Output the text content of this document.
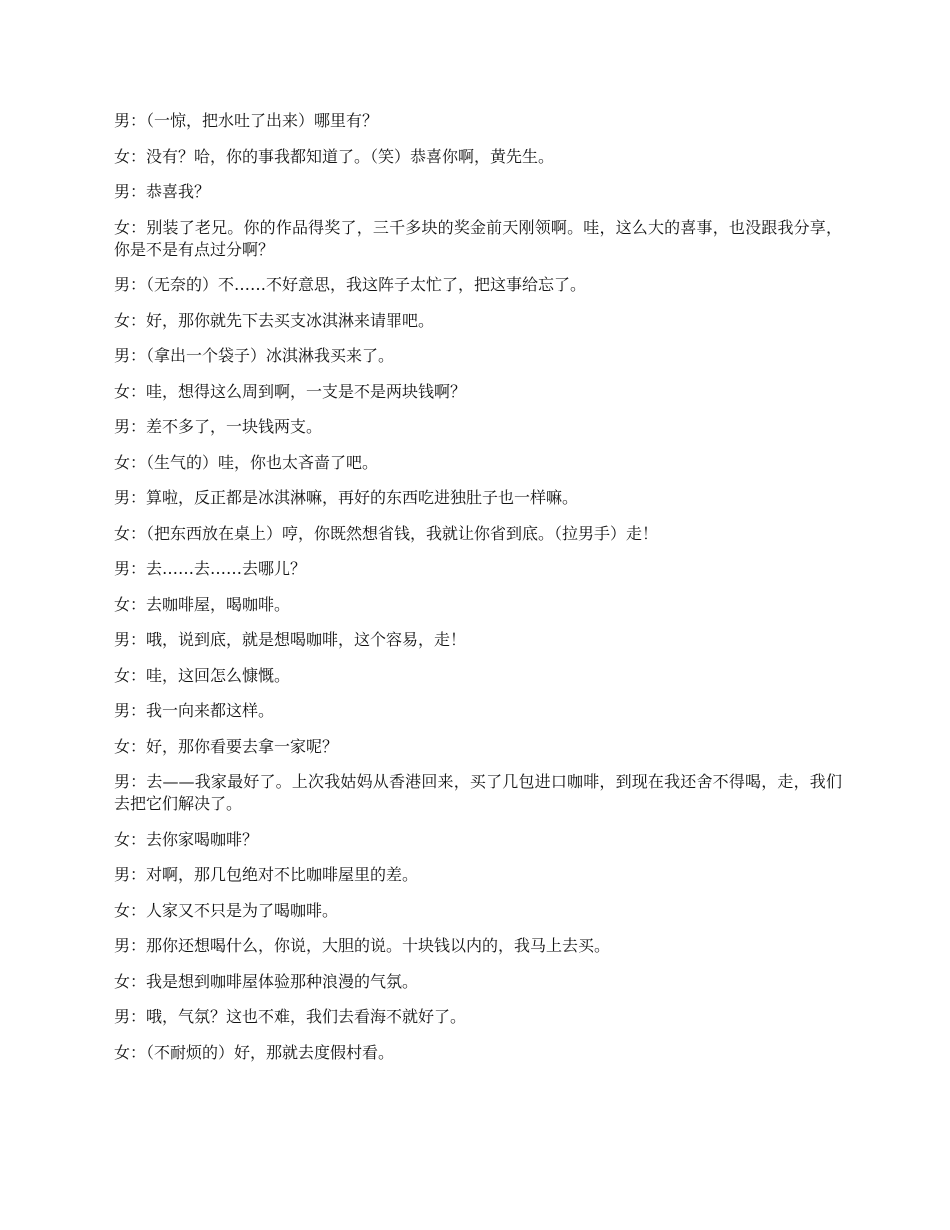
男：（一惊，把水吐了出来）哪里有？
女：没有？哈，你的事我都知道了。（笑）恭喜你啊，黄先生。
男：恭喜我？
女：别装了老兄。你的作品得奖了，三千多块的奖金前天刚领啊。哇，这么大的喜事，也没跟我分享，你是不是有点过分啊？
男：（无奈的）不……不好意思，我这阵子太忙了，把这事给忘了。
女：好，那你就先下去买支冰淇淋来请罪吧。
男：（拿出一个袋子）冰淇淋我买来了。
女：哇，想得这么周到啊，一支是不是两块钱啊？
男：差不多了，一块钱两支。
女：（生气的）哇，你也太吝啬了吧。
男：算啦，反正都是冰淇淋嘛，再好的东西吃进独肚子也一样嘛。
女：（把东西放在桌上）哼，你既然想省钱，我就让你省到底。（拉男手）走！
男：去……去……去哪儿？
女：去咖啡屋，喝咖啡。
男：哦，说到底，就是想喝咖啡，这个容易，走！
女：哇，这回怎么慷慨。
男：我一向来都这样。
女：好，那你看要去拿一家呢？
男：去——我家最好了。上次我姑妈从香港回来，买了几包进口咖啡，到现在我还舍不得喝，走，我们去把它们解决了。
女：去你家喝咖啡？
男：对啊，那几包绝对不比咖啡屋里的差。
女：人家又不只是为了喝咖啡。
男：那你还想喝什么，你说，大胆的说。十块钱以内的，我马上去买。
女：我是想到咖啡屋体验那种浪漫的气氛。
男：哦，气氛？这也不难，我们去看海不就好了。
女：（不耐烦的）好，那就去度假村看。
